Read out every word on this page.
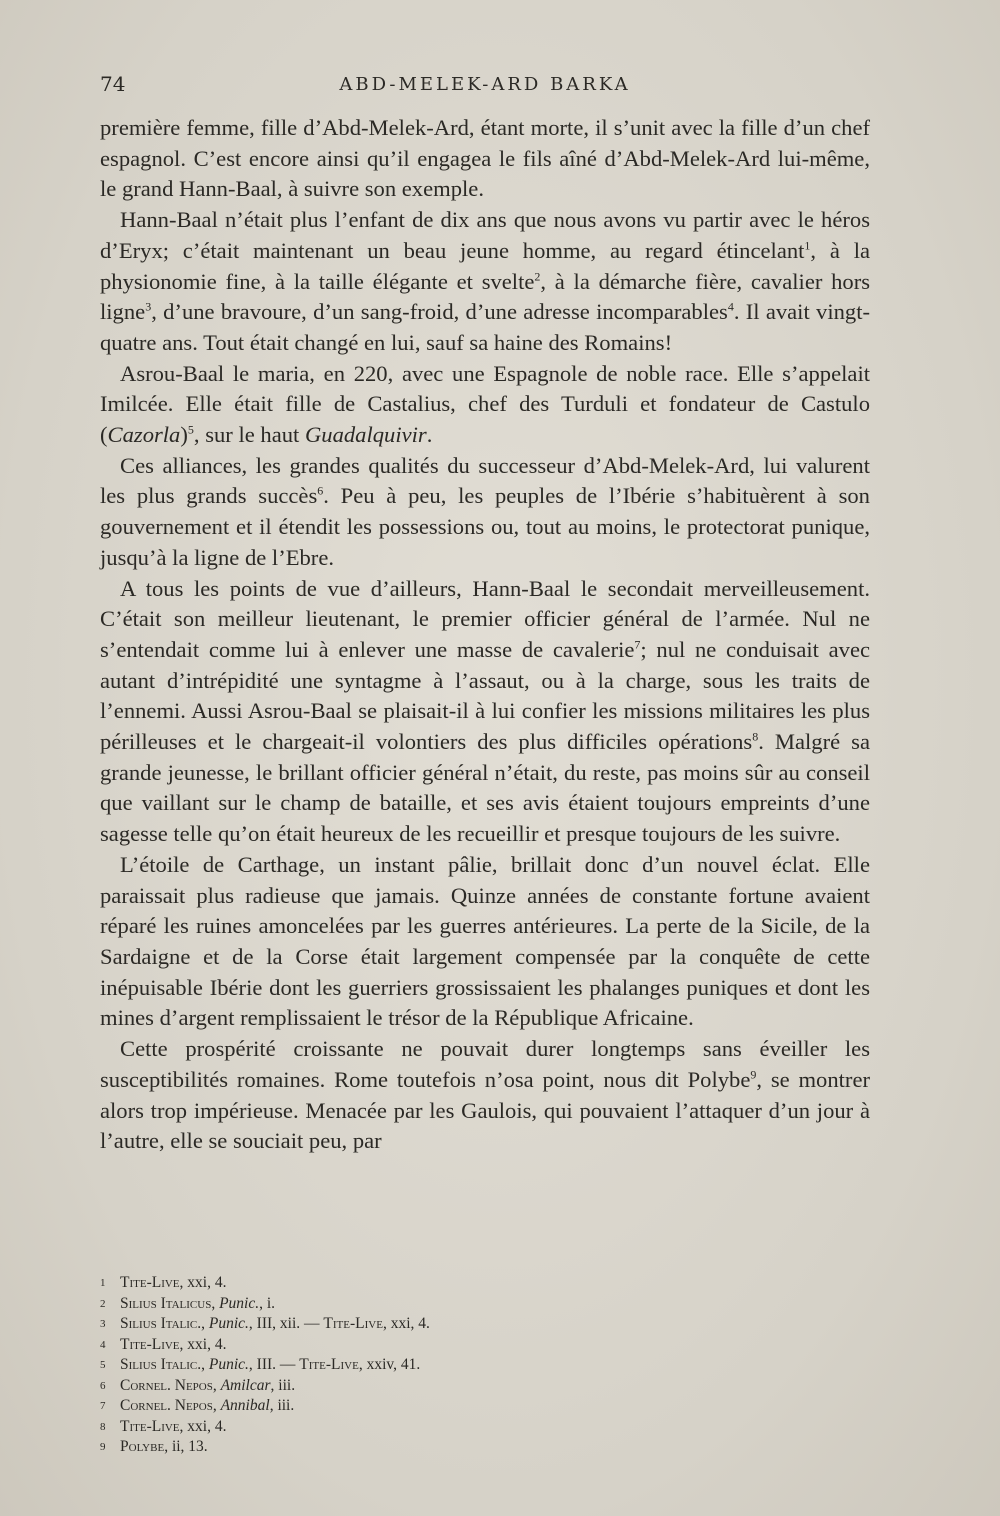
74	ABD-MELEK-ARD BARKA

première femme, fille d’Abd-Melek-Ard, étant morte, il s’unit avec la fille d’un chef espagnol. C’est encore ainsi qu’il engagea le fils aîné d’Abd-Melek-Ard lui-même, le grand Hann-Baal, à suivre son exemple.

Hann-Baal n’était plus l’enfant de dix ans que nous avons vu partir avec le héros d’Eryx; c’était maintenant un beau jeune homme, au regard étincelant$^1$, à la physionomie fine, à la taille élégante et svelte$^2$, à la démarche fière, cavalier hors ligne$^3$, d’une bravoure, d’un sang-froid, d’une adresse incomparables$^4$. Il avait vingt-quatre ans. Tout était changé en lui, sauf sa haine des Romains!

Asrou-Baal le maria, en 220, avec une Espagnole de noble race. Elle s’appelait Imilcée. Elle était fille de Castalius, chef des Turduli et fondateur de Castulo (Cazorla)$^5$, sur le haut Guadalquivir.

Ces alliances, les grandes qualités du successeur d’Abd-Melek-Ard, lui valurent les plus grands succès$^6$. Peu à peu, les peuples de l’Ibérie s’habituèrent à son gouvernement et il étendit les possessions ou, tout au moins, le protectorat punique, jusqu’à la ligne de l’Ebre.

A tous les points de vue d’ailleurs, Hann-Baal le secondait merveilleusement. C’était son meilleur lieutenant, le premier officier général de l’armée. Nul ne s’entendait comme lui à enlever une masse de cavalerie$^7$; nul ne conduisait avec autant d’intrépidité une syntagme à l’assaut, ou à la charge, sous les traits de l’ennemi. Aussi Asrou-Baal se plaisait-il à lui confier les missions militaires les plus périlleuses et le chargeait-il volontiers des plus difficiles opérations$^8$. Malgré sa grande jeunesse, le brillant officier général n’était, du reste, pas moins sûr au conseil que vaillant sur le champ de bataille, et ses avis étaient toujours empreints d’une sagesse telle qu’on était heureux de les recueillir et presque toujours de les suivre.

L’étoile de Carthage, un instant pâlie, brillait donc d’un nouvel éclat. Elle paraissait plus radieuse que jamais. Quinze années de constante fortune avaient réparé les ruines amoncelées par les guerres antérieures. La perte de la Sicile, de la Sardaigne et de la Corse était largement compensée par la conquête de cette inépuisable Ibérie dont les guerriers grossissaient les phalanges puniques et dont les mines d’argent remplissaient le trésor de la République Africaine.

Cette prospérité croissante ne pouvait durer longtemps sans éveiller les susceptibilités romaines. Rome toutefois n’osa point, nous dit Polybe$^9$, se montrer alors trop impérieuse. Menacée par les Gaulois, qui pouvaient l’attaquer d’un jour à l’autre, elle se souciait peu, par

1 Tite-Live, xxi, 4.
2 Silius Italicus, Punic., i.
3 Silius Italic., Punic., III, xii. — Tite-Live, xxi, 4.
4 Tite-Live, xxi, 4.
5 Silius Italic., Punic., III. — Tite-Live, xxiv, 41.
6 Cornel. Nepos, Amilcar, iii.
7 Cornel. Nepos, Annibal, iii.
8 Tite-Live, xxi, 4.
9 Polybe, ii, 13.
